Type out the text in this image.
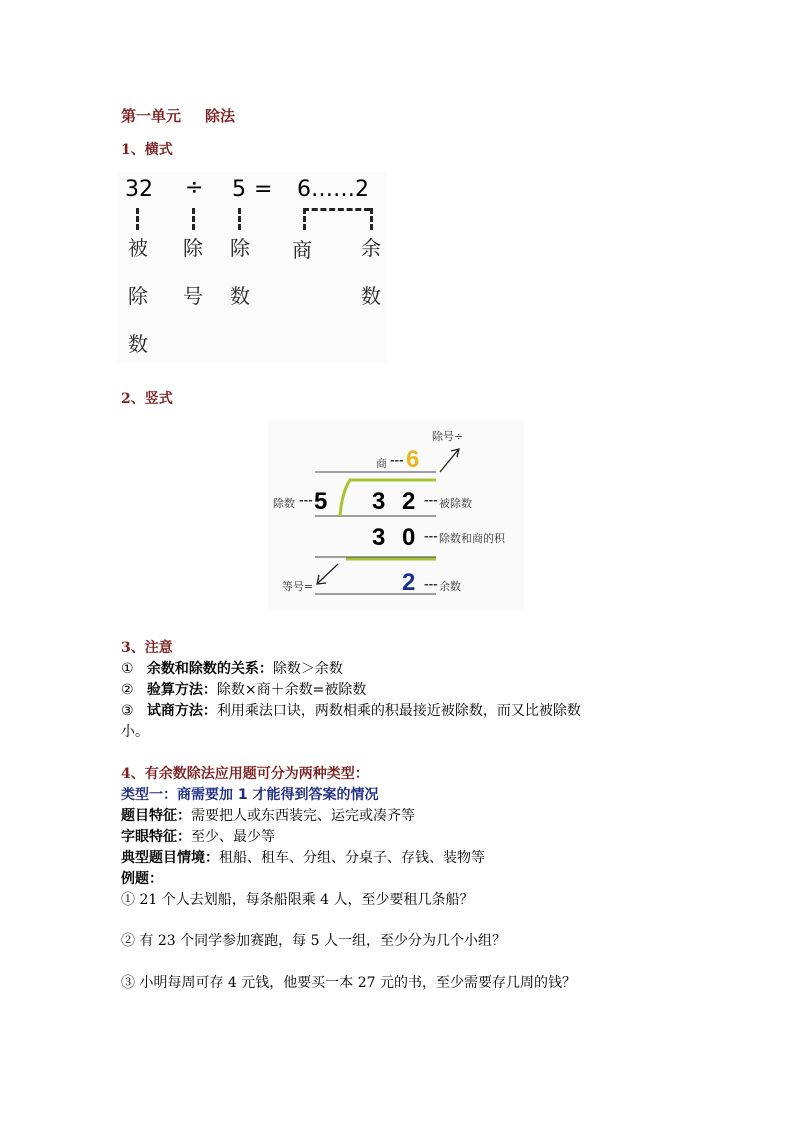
第一单元 除法
1、横式
32 ÷ 5 = 6……2
被
除
数
除
号
除
数
商 余
数
2、竖式
除号÷
商 --- 6
除数 --- 5 3 2 --- 被除数
3 0 --- 除数和商的积
等号=	2 --- 余数
3、注意
① 余数和除数的关系：除数＞余数
② 验算方法：除数×商＋余数=被除数
③ 试商方法：利用乘法口诀，两数相乘的积最接近被除数，而又比被除数
小。
4、有余数除法应用题可分为两种类型：
类型一：商需要加 1 才能得到答案的情况
题目特征：需要把人或东西装完、运完或凑齐等
字眼特征：至少、最少等
典型题目情境：租船、租车、分组、分桌子、存钱、装物等
例题：
① 21 个人去划船，每条船限乘 4 人，至少要租几条船？
② 有 23 个同学参加赛跑，每 5 人一组，至少分为几个小组？
③ 小明每周可存 4 元钱，他要买一本 27 元的书，至少需要存几周的钱？
